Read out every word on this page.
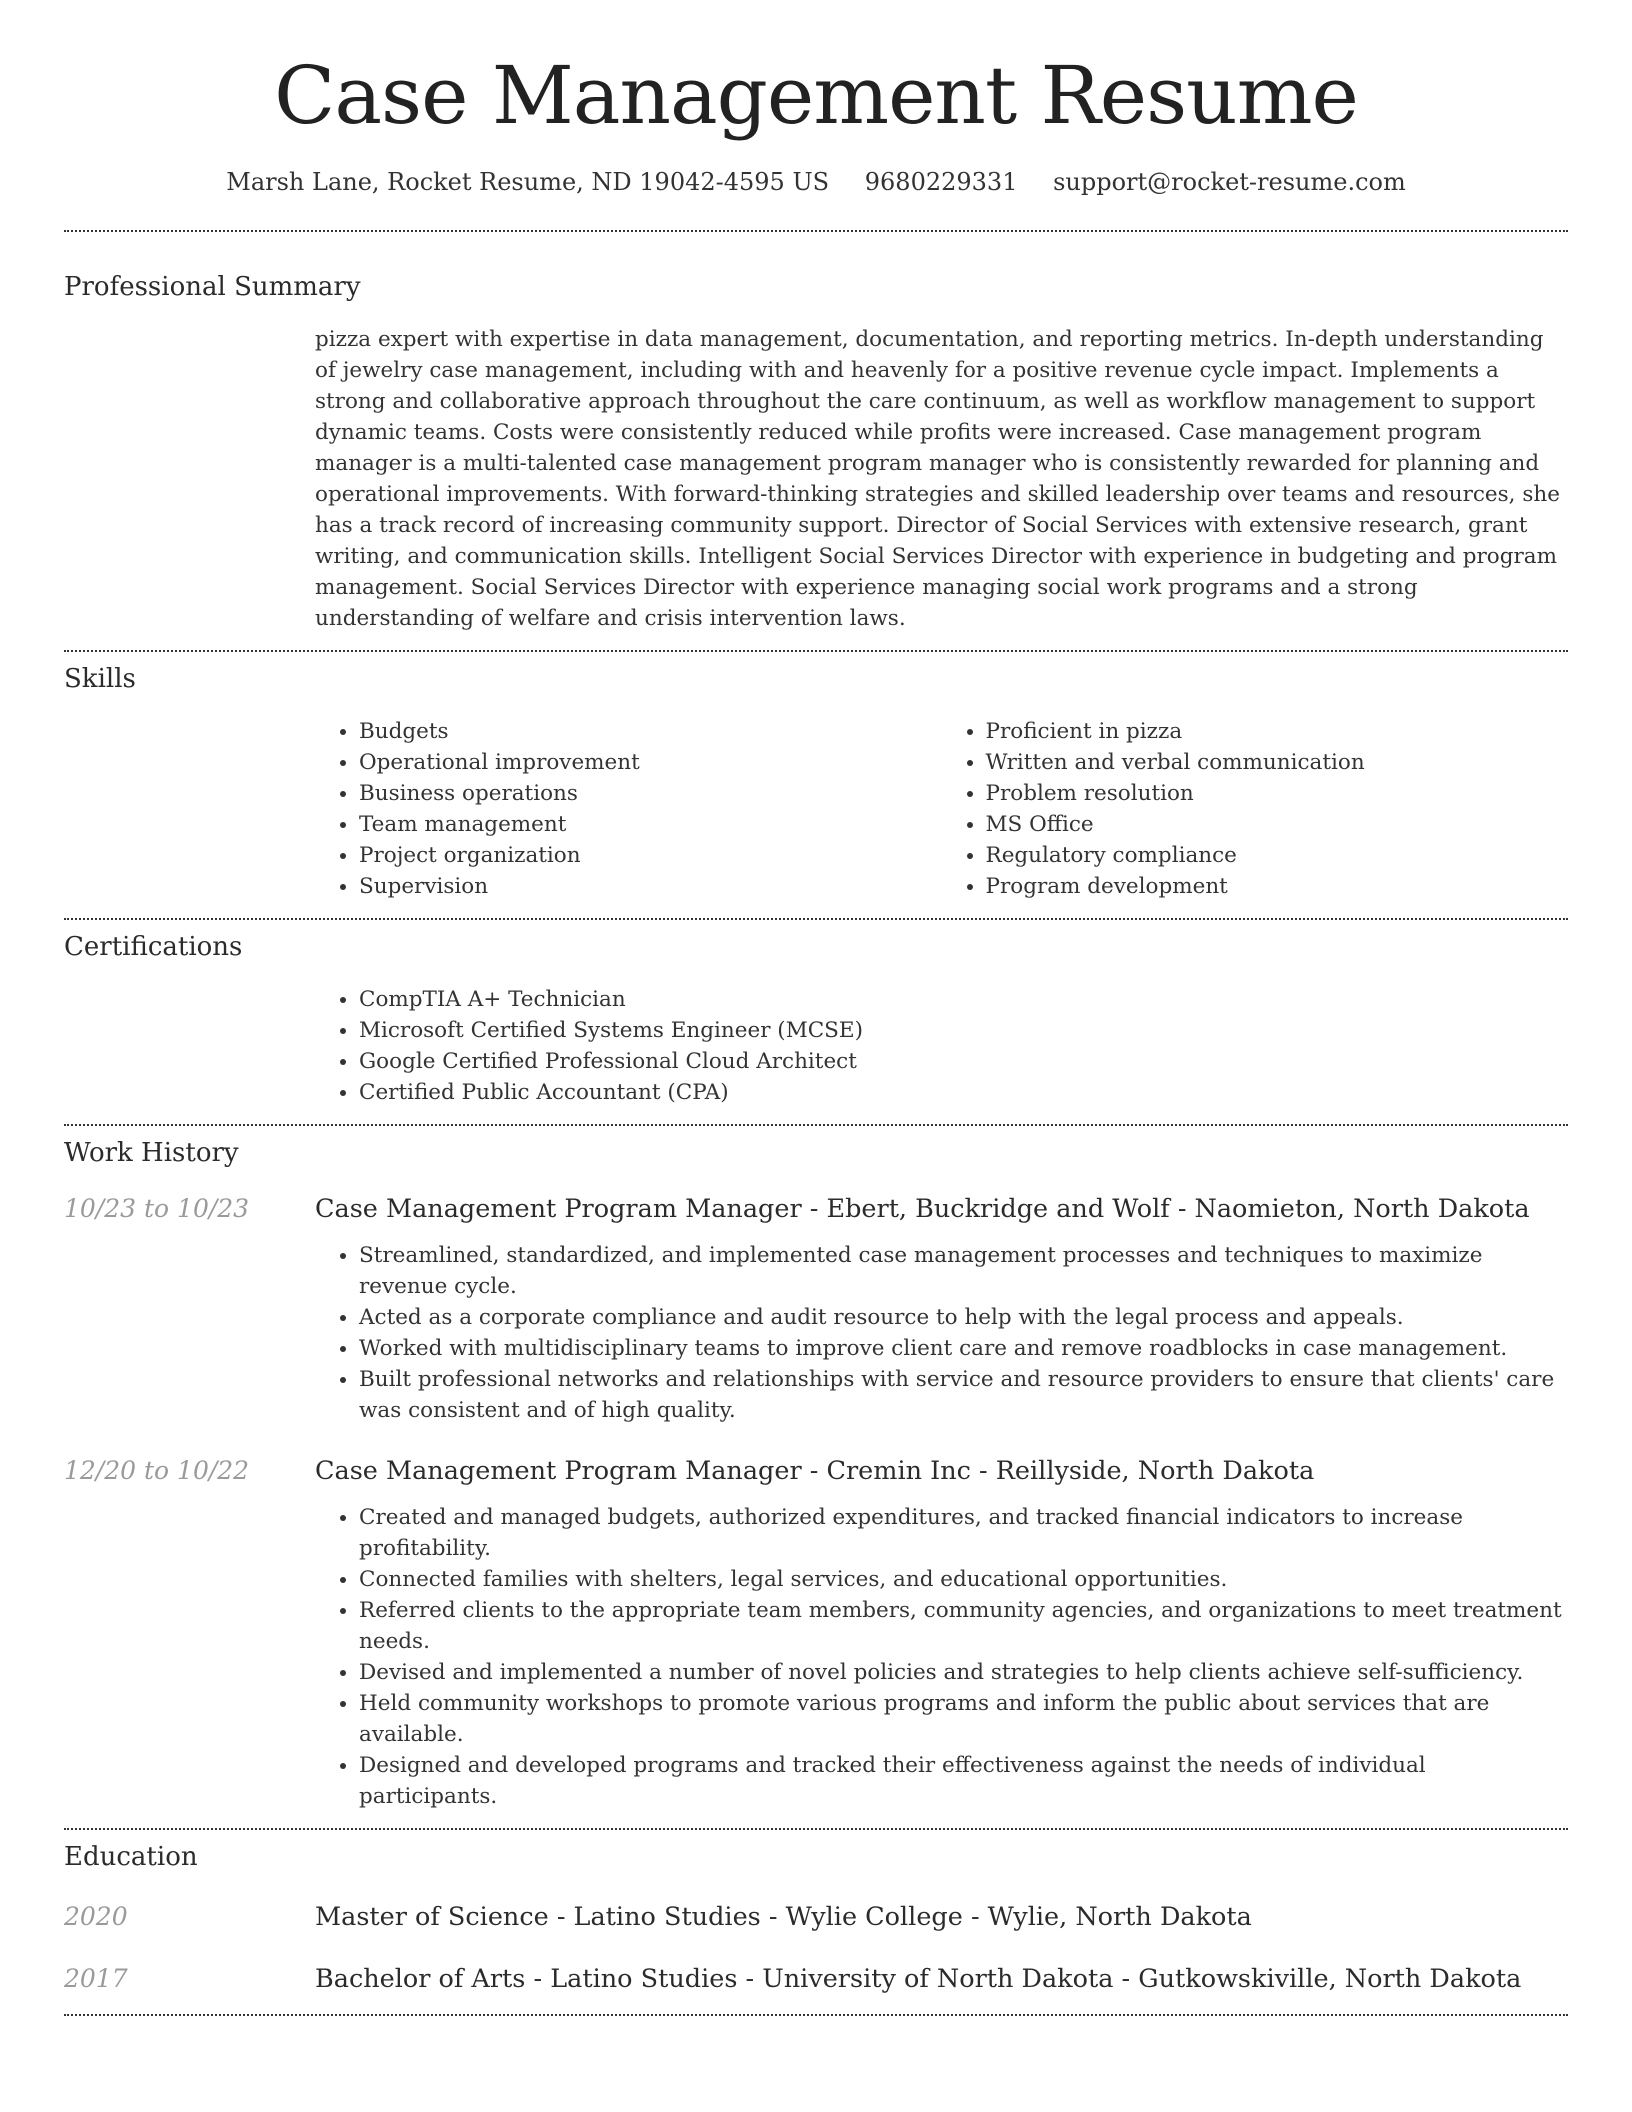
Case Management Resume
Marsh Lane, Rocket Resume, ND 19042-4595 US 9680229331 support@rocket-resume.com
Professional Summary

pizza expert with expertise in data management, documentation, and reporting metrics. In-depth understanding of jewelry case management, including with and heavenly for a positive revenue cycle impact. Implements a strong and collaborative approach throughout the care continuum, as well as workflow management to support dynamic teams. Costs were consistently reduced while profits were increased. Case management program manager is a multi-talented case management program manager who is consistently rewarded for planning and operational improvements. With forward-thinking strategies and skilled leadership over teams and resources, she has a track record of increasing community support. Director of Social Services with extensive research, grant writing, and communication skills. Intelligent Social Services Director with experience in budgeting and program management. Social Services Director with experience managing social work programs and a strong understanding of welfare and crisis intervention laws.

Skills
• Budgets
• Operational improvement
• Business operations
• Team management
• Project organization
• Supervision
• Proficient in pizza
• Written and verbal communication
• Problem resolution
• MS Office
• Regulatory compliance
• Program development
Certifications
• CompTIA A+ Technician
• Microsoft Certified Systems Engineer (MCSE)
• Google Certified Professional Cloud Architect
• Certified Public Accountant (CPA)
Work History
10/23 to 10/23	Case Management Program Manager - Ebert, Buckridge and Wolf - Naomieton, North Dakota
• Streamlined, standardized, and implemented case management processes and techniques to maximize revenue cycle.
• Acted as a corporate compliance and audit resource to help with the legal process and appeals.
• Worked with multidisciplinary teams to improve client care and remove roadblocks in case management.
• Built professional networks and relationships with service and resource providers to ensure that clients' care was consistent and of high quality.
12/20 to 10/22	Case Management Program Manager - Cremin Inc - Reillyside, North Dakota
• Created and managed budgets, authorized expenditures, and tracked financial indicators to increase profitability.
• Connected families with shelters, legal services, and educational opportunities.
• Referred clients to the appropriate team members, community agencies, and organizations to meet treatment needs.
• Devised and implemented a number of novel policies and strategies to help clients achieve self-sufficiency.
• Held community workshops to promote various programs and inform the public about services that are available.
• Designed and developed programs and tracked their effectiveness against the needs of individual participants.
Education
2020	Master of Science - Latino Studies - Wylie College - Wylie, North Dakota
2017	Bachelor of Arts - Latino Studies - University of North Dakota - Gutkowskiville, North Dakota
